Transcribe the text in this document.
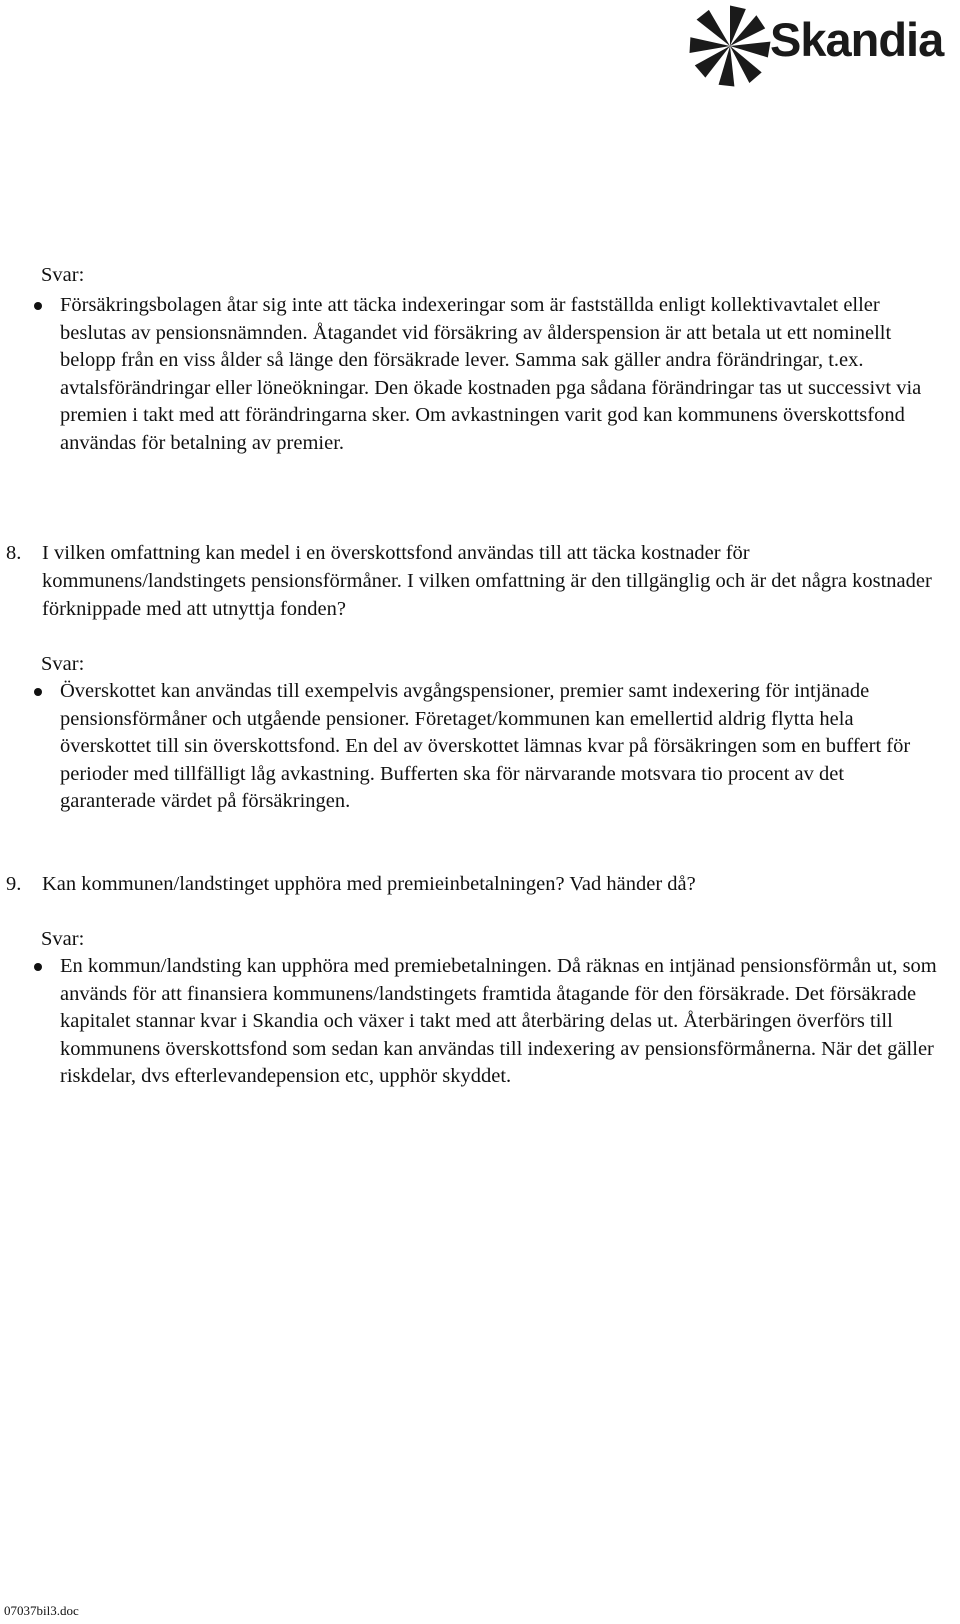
Skandia
Svar:
Försäkringsbolagen åtar sig inte att täcka indexeringar som är fastställda enligt kollektivavtalet eller beslutas av pensionsnämnden. Åtagandet vid försäkring av ålderspension är att betala ut ett nominellt belopp från en viss ålder så länge den försäkrade lever. Samma sak gäller andra förändringar, t.ex. avtalsförändringar eller löneökningar. Den ökade kostnaden pga sådana förändringar tas ut successivt via premien i takt med att förändringarna sker. Om avkastningen varit god kan kommunens överskottsfond användas för betalning av premier.
8. I vilken omfattning kan medel i en överskottsfond användas till att täcka kostnader för kommunens/landstingets pensionsförmåner. I vilken omfattning är den tillgänglig och är det några kostnader förknippade med att utnyttja fonden?
Svar:
Överskottet kan användas till exempelvis avgångspensioner, premier samt indexering för intjänade pensionsförmåner och utgående pensioner. Företaget/kommunen kan emellertid aldrig flytta hela överskottet till sin överskottsfond. En del av överskottet lämnas kvar på försäkringen som en buffert för perioder med tillfälligt låg avkastning. Bufferten ska för närvarande motsvara tio procent av det garanterade värdet på försäkringen.
9. Kan kommunen/landstinget upphöra med premieinbetalningen? Vad händer då?
Svar:
En kommun/landsting kan upphöra med premiebetalningen. Då räknas en intjänad pensionsförmån ut, som används för att finansiera kommunens/landstingets framtida åtagande för den försäkrade. Det försäkrade kapitalet stannar kvar i Skandia och växer i takt med att återbäring delas ut. Återbäringen överförs till kommunens överskottsfond som sedan kan användas till indexering av pensionsförmånerna. När det gäller riskdelar, dvs efterlevandepension etc, upphör skyddet.
07037bil3.doc
